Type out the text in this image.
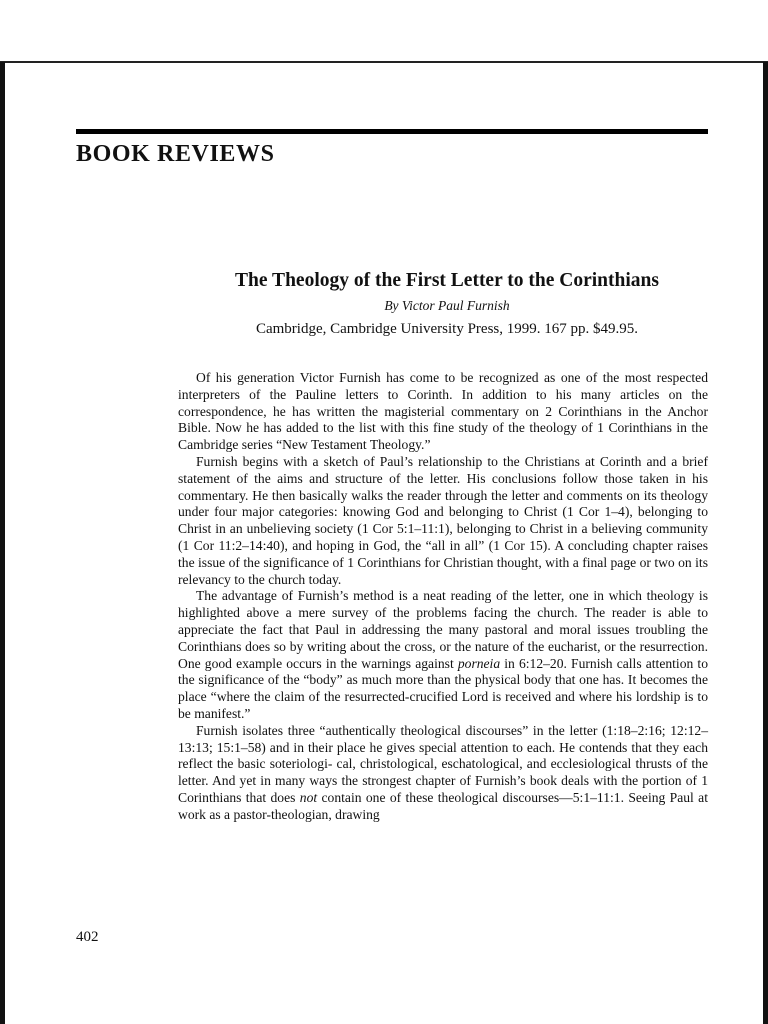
BOOK REVIEWS
The Theology of the First Letter to the Corinthians

By Victor Paul Furnish

Cambridge, Cambridge University Press, 1999. 167 pp. $49.95.

Of his generation Victor Furnish has come to be recognized as one of the most respected interpreters of the Pauline letters to Corinth. In addition to his many articles on the correspondence, he has written the magisterial commentary on 2 Corinthians in the Anchor Bible. Now he has added to the list with this fine study of the theology of 1 Corinthians in the Cambridge series “New Testament Theology.”

Furnish begins with a sketch of Paul’s relationship to the Christians at Corinth and a brief statement of the aims and structure of the letter. His conclusions follow those taken in his commentary. He then basically walks the reader through the letter and comments on its theology under four major categories: knowing God and belonging to Christ (1 Cor 1–4), belonging to Christ in an unbelieving society (1 Cor 5:1–11:1), belonging to Christ in a believing community (1 Cor 11:2–14:40), and hoping in God, the “all in all” (1 Cor 15). A concluding chapter raises the issue of the significance of 1 Corinthians for Christian thought, with a final page or two on its relevancy to the church today.

The advantage of Furnish’s method is a neat reading of the letter, one in which theology is highlighted above a mere survey of the problems facing the church. The reader is able to appreciate the fact that Paul in addressing the many pastoral and moral issues troubling the Corinthians does so by writing about the cross, or the nature of the eucharist, or the resurrection. One good example occurs in the warnings against porneia in 6:12–20. Furnish calls attention to the significance of the “body” as much more than the physical body that one has. It becomes the place “where the claim of the resurrected-crucified Lord is received and where his lordship is to be manifest.”

Furnish isolates three “authentically theological discourses” in the letter (1:18–2:16; 12:12–13:13; 15:1–58) and in their place he gives special attention to each. He contends that they each reflect the basic soteriologi- cal, christological, eschatological, and ecclesiological thrusts of the letter. And yet in many ways the strongest chapter of Furnish’s book deals with the portion of 1 Corinthians that does not contain one of these theological discourses—5:1–11:1. Seeing Paul at work as a pastor-theologian, drawing

402
